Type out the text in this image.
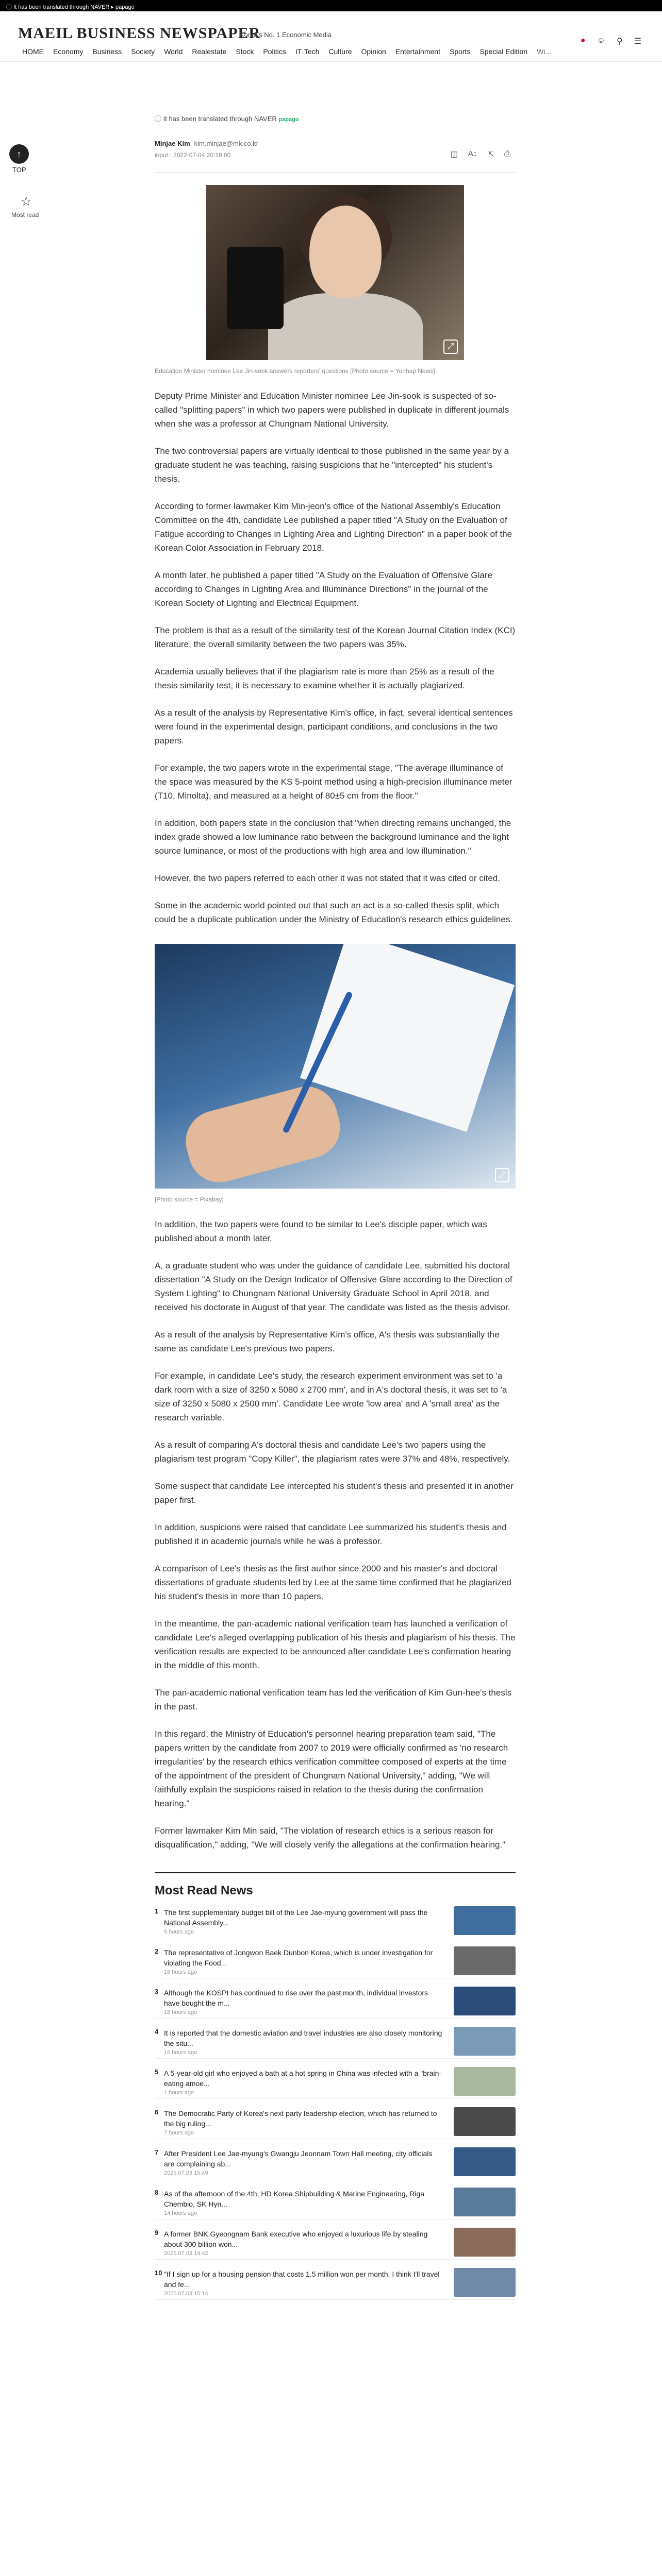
ⓘ It has been translated through NAVER ▸ papago
MAEIL BUSINESS NEWSPAPER
Korea's No. 1 Economic Media
● ☺ ⚲ ☰
HOME Economy Business Society World Realestate Stock Politics IT·Tech Culture Opinion Entertainment Sports Special Edition Wi...
↑
TOP
☆
Most read
ⓘ It has been translated through NAVER papago
Minjae Kim kim.minjae@mk.co.kr
input : 2022-07-04 20:18:00	◫ A↕ ⇱ ⎙
⤢
Education Minister nominee Lee Jin-sook answers reporters' questions [Photo source = Yonhap News]

Deputy Prime Minister and Education Minister nominee Lee Jin-sook is suspected of so-called "splitting papers" in which two papers were published in duplicate in different journals when she was a professor at Chungnam National University.

The two controversial papers are virtually identical to those published in the same year by a graduate student he was teaching, raising suspicions that he "intercepted" his student's thesis.

According to former lawmaker Kim Min-jeon's office of the National Assembly's Education Committee on the 4th, candidate Lee published a paper titled "A Study on the Evaluation of Fatigue according to Changes in Lighting Area and Lighting Direction" in a paper book of the Korean Color Association in February 2018.

A month later, he published a paper titled "A Study on the Evaluation of Offensive Glare according to Changes in Lighting Area and Illuminance Directions" in the journal of the Korean Society of Lighting and Electrical Equipment.

The problem is that as a result of the similarity test of the Korean Journal Citation Index (KCI) literature, the overall similarity between the two papers was 35%.

Academia usually believes that if the plagiarism rate is more than 25% as a result of the thesis similarity test, it is necessary to examine whether it is actually plagiarized.

As a result of the analysis by Representative Kim's office, in fact, several identical sentences were found in the experimental design, participant conditions, and conclusions in the two papers.

For example, the two papers wrote in the experimental stage, "The average illuminance of the space was measured by the KS 5-point method using a high-precision illuminance meter (T10, Minolta), and measured at a height of 80±5 cm from the floor."

In addition, both papers state in the conclusion that "when directing remains unchanged, the index grade showed a low luminance ratio between the background luminance and the light source luminance, or most of the productions with high area and low illumination."

However, the two papers referred to each other it was not stated that it was cited or cited.

Some in the academic world pointed out that such an act is a so-called thesis split, which could be a duplicate publication under the Ministry of Education's research ethics guidelines.

⤢
[Photo source = Pixabay]

In addition, the two papers were found to be similar to Lee's disciple paper, which was published about a month later.

A, a graduate student who was under the guidance of candidate Lee, submitted his doctoral dissertation "A Study on the Design Indicator of Offensive Glare according to the Direction of System Lighting" to Chungnam National University Graduate School in April 2018, and received his doctorate in August of that year. The candidate was listed as the thesis advisor.

As a result of the analysis by Representative Kim's office, A's thesis was substantially the same as candidate Lee's previous two papers.

For example, in candidate Lee's study, the research experiment environment was set to 'a dark room with a size of 3250 x 5080 x 2700 mm', and in A's doctoral thesis, it was set to 'a size of 3250 x 5080 x 2500 mm'. Candidate Lee wrote 'low area' and A 'small area' as the research variable.

As a result of comparing A's doctoral thesis and candidate Lee's two papers using the plagiarism test program "Copy Killer", the plagiarism rates were 37% and 48%, respectively.

Some suspect that candidate Lee intercepted his student's thesis and presented it in another paper first.

In addition, suspicions were raised that candidate Lee summarized his student's thesis and published it in academic journals while he was a professor.

A comparison of Lee's thesis as the first author since 2000 and his master's and doctoral dissertations of graduate students led by Lee at the same time confirmed that he plagiarized his student's thesis in more than 10 papers.

In the meantime, the pan-academic national verification team has launched a verification of candidate Lee's alleged overlapping publication of his thesis and plagiarism of his thesis. The verification results are expected to be announced after candidate Lee's confirmation hearing in the middle of this month.

The pan-academic national verification team has led the verification of Kim Gun-hee's thesis in the past.

In this regard, the Ministry of Education's personnel hearing preparation team said, "The papers written by the candidate from 2007 to 2019 were officially confirmed as 'no research irregularities' by the research ethics verification committee composed of experts at the time of the appointment of the president of Chungnam National University," adding, "We will faithfully explain the suspicions raised in relation to the thesis during the confirmation hearing."

Former lawmaker Kim Min said, "The violation of research ethics is a serious reason for disqualification," adding, "We will closely verify the allegations at the confirmation hearing."

Most Read News
1 The first supplementary budget bill of the Lee Jae-myung government will pass the National Assembly...
5 hours ago
2 The representative of Jongwon Baek Dunbon Korea, which is under investigation for violating the Food...
16 hours ago
3 Although the KOSPI has continued to rise over the past month, individual investors have bought the m...
18 hours ago
4 It is reported that the domestic aviation and travel industries are also closely monitoring the situ...
16 hours ago
5 A 5-year-old girl who enjoyed a bath at a hot spring in China was infected with a "brain-eating amoe...
1 hours ago
6 The Democratic Party of Korea's next party leadership election, which has returned to the big ruling...
7 hours ago
7 After President Lee Jae-myung's Gwangju Jeonnam Town Hall meeting, city officials are complaining ab...
2025.07.03 15:49
8 As of the afternoon of the 4th, HD Korea Shipbuilding & Marine Engineering, Riga Chembio, SK Hyn...
14 hours ago
9 A former BNK Gyeongnam Bank executive who enjoyed a luxurious life by stealing about 300 billion won...
2025.07.03 14:42
10 "If I sign up for a housing pension that costs 1.5 million won per month, I think I'll travel and fe...
2025.07.03 15:14
